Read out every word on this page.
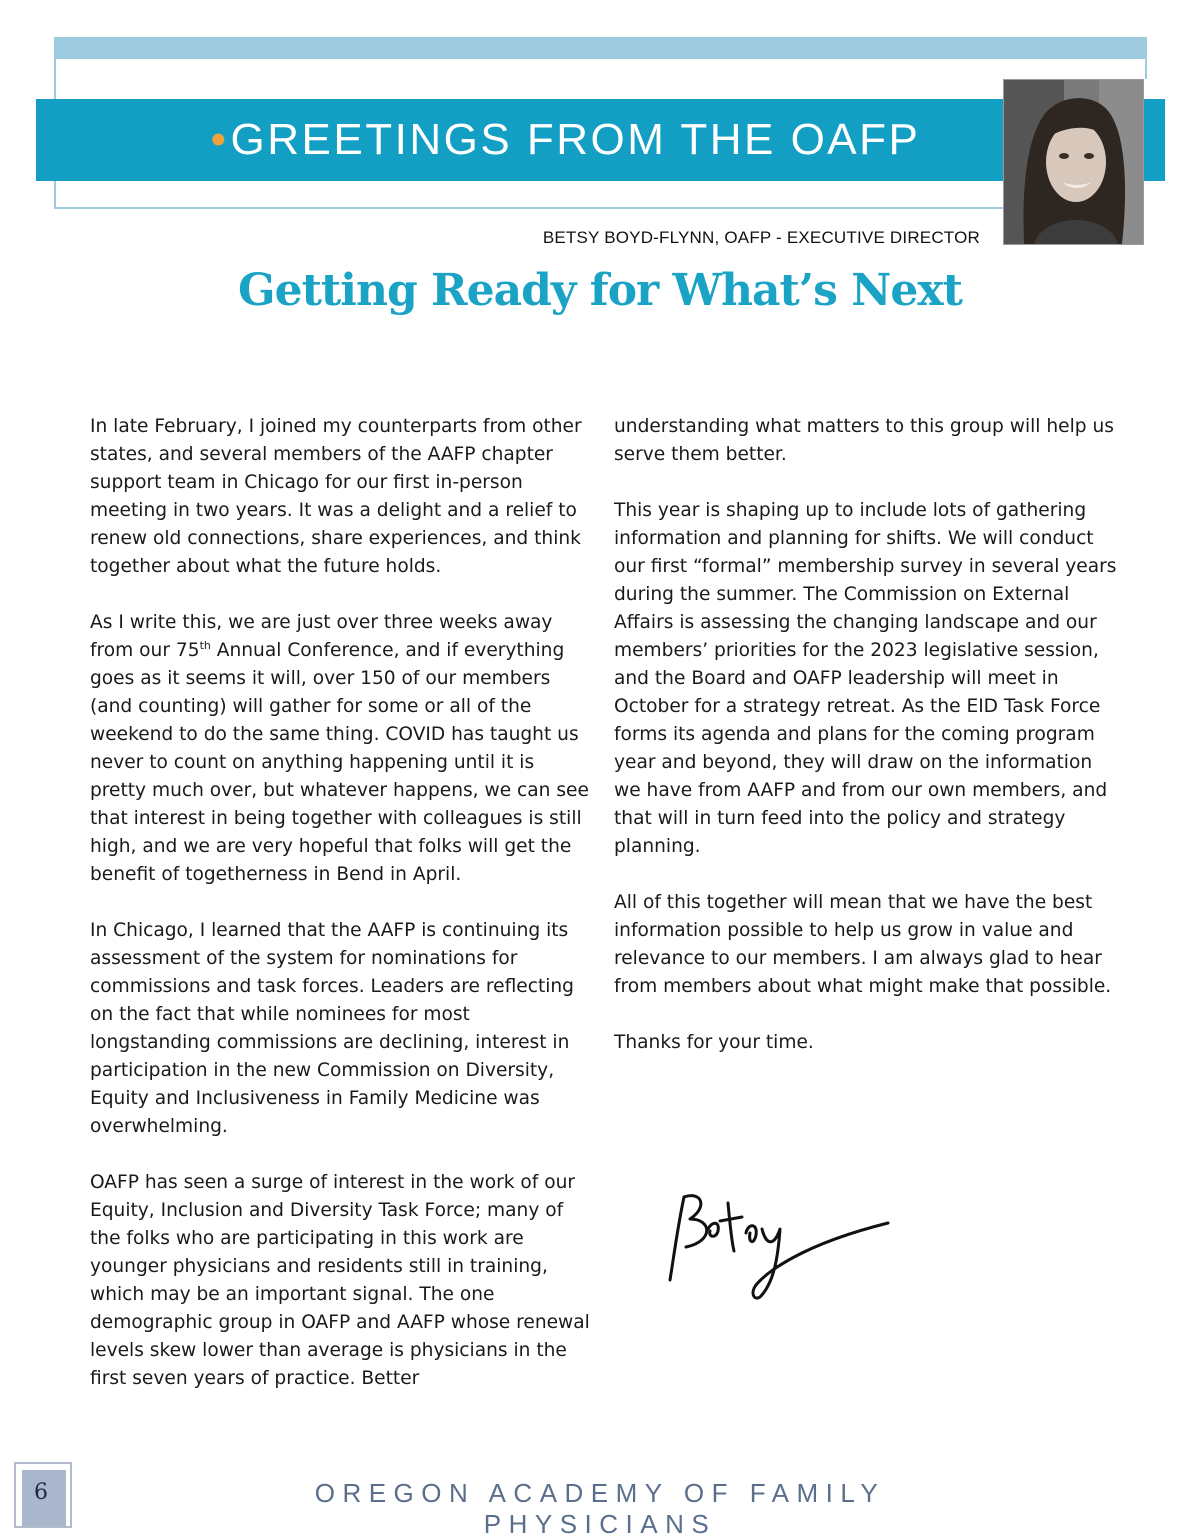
• GREETINGS FROM THE OAFP
BETSY BOYD-FLYNN, OAFP - EXECUTIVE DIRECTOR
Getting Ready for What’s Next

In late February, I joined my counterparts from other states, and several members of the AAFP chapter support team in Chicago for our first in-person meeting in two years. It was a delight and a relief to renew old connections, share experiences, and think together about what the future holds.

As I write this, we are just over three weeks away from our 75th Annual Conference, and if everything goes as it seems it will, over 150 of our members (and counting) will gather for some or all of the weekend to do the same thing. COVID has taught us never to count on anything happening until it is pretty much over, but whatever happens, we can see that interest in being together with colleagues is still high, and we are very hopeful that folks will get the benefit of togetherness in Bend in April.

In Chicago, I learned that the AAFP is continuing its assessment of the system for nominations for commissions and task forces. Leaders are reflecting on the fact that while nominees for most longstanding commissions are declining, interest in participation in the new Commission on Diversity, Equity and Inclusiveness in Family Medicine was overwhelming.

OAFP has seen a surge of interest in the work of our Equity, Inclusion and Diversity Task Force; many of the folks who are participating in this work are younger physicians and residents still in training, which may be an important signal. The one demographic group in OAFP and AAFP whose renewal levels skew lower than average is physicians in the first seven years of practice. Better

understanding what matters to this group will help us serve them better.

This year is shaping up to include lots of gathering information and planning for shifts. We will conduct our first “formal” membership survey in several years during the summer. The Commission on External Affairs is assessing the changing landscape and our members’ priorities for the 2023 legislative session, and the Board and OAFP leadership will meet in October for a strategy retreat. As the EID Task Force forms its agenda and plans for the coming program year and beyond, they will draw on the information we have from AAFP and from our own members, and that will in turn feed into the policy and strategy planning.

All of this together will mean that we have the best information possible to help us grow in value and relevance to our members. I am always glad to hear from members about what might make that possible.

Thanks for your time.

6	OREGON ACADEMY OF FAMILY PHYSICIANS
